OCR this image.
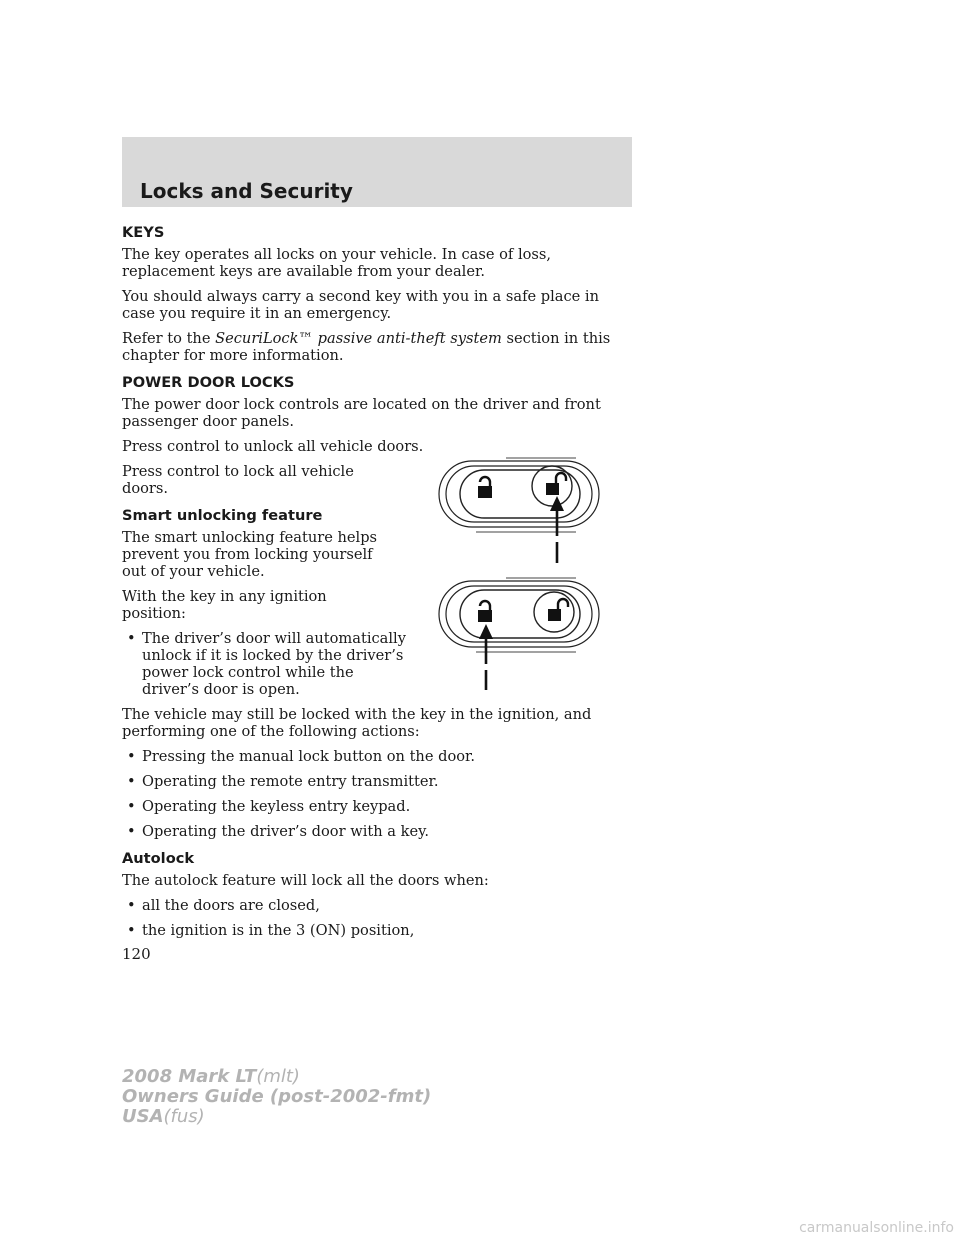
Locks and Security
KEYS

The key operates all locks on your vehicle. In case of loss, replacement keys are available from your dealer.

You should always carry a second key with you in a safe place in case you require it in an emergency.

Refer to the SecuriLock™ passive anti-theft system section in this chapter for more information.

POWER DOOR LOCKS

The power door lock controls are located on the driver and front passenger door panels.

Press control to unlock all vehicle doors.

Press control to lock all vehicle doors.

Smart unlocking feature

The smart unlocking feature helps prevent you from locking yourself out of your vehicle.

With the key in any ignition position:

• The driver’s door will automatically unlock if it is locked by the driver’s power lock control while the driver’s door is open.

The vehicle may still be locked with the key in the ignition, and performing one of the following actions:

• Pressing the manual lock button on the door.
• Operating the remote entry transmitter.
• Operating the keyless entry keypad.
• Operating the driver’s door with a key.
Autolock

The autolock feature will lock all the doors when:

• all the doors are closed,
• the ignition is in the 3 (ON) position,
120
2008 Mark LT(mlt)
Owners Guide (post-2002-fmt)
USA(fus)
carmanualsonline.info
